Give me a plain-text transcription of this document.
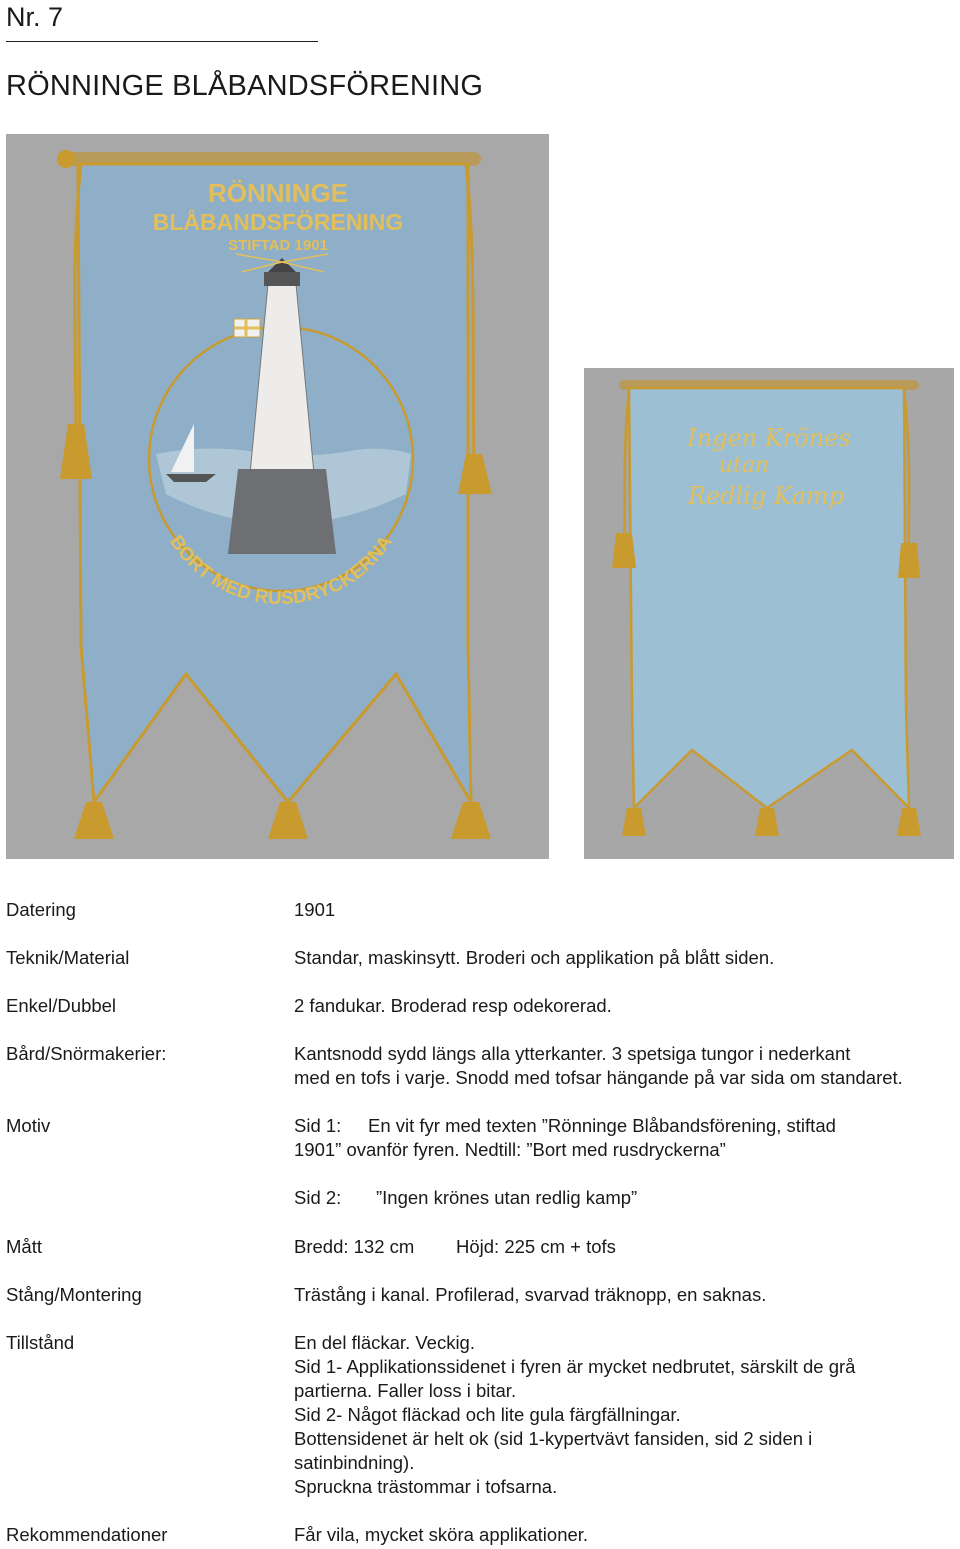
Nr. 7
RÖNNINGE BLÅBANDSFÖRENING
RÖNNINGE
BLÅBANDSFÖRENING
STIFTAD 1901
BORT MED RUSDRYCKERNA
Ingen Krönes
utan
Redlig Kamp
Datering	1901
Teknik/Material	Standar, maskinsytt. Broderi och applikation på blått siden.
Enkel/Dubbel	2 fandukar. Broderad resp odekorerad.
Bård/Snörmakerier:	Kantsnodd sydd längs alla ytterkanter. 3 spetsiga tungor i nederkant

med en tofs i varje. Snodd med tofsar hängande på var sida om standaret.

Motiv	Sid 1: En vit fyr med texten ”Rönninge Blåbandsförening, stiftad

1901” ovanför fyren. Nedtill: ”Bort med rusdryckerna”

Sid 2: ”Ingen krönes utan redlig kamp”

Mått	Bredd: 132 cm Höjd: 225 cm + tofs
Stång/Montering	Trästång i kanal. Profilerad, svarvad träknopp, en saknas.
Tillstånd	En del fläckar. Veckig.

Sid 1- Applikationssidenet i fyren är mycket nedbrutet, särskilt de grå

partierna. Faller loss i bitar.

Sid 2- Något fläckad och lite gula färgfällningar.

Bottensidenet är helt ok (sid 1-kypertvävt fansiden, sid 2 siden i

satinbindning).

Spruckna trästommar i tofsarna.

Rekommendationer	Får vila, mycket sköra applikationer.
